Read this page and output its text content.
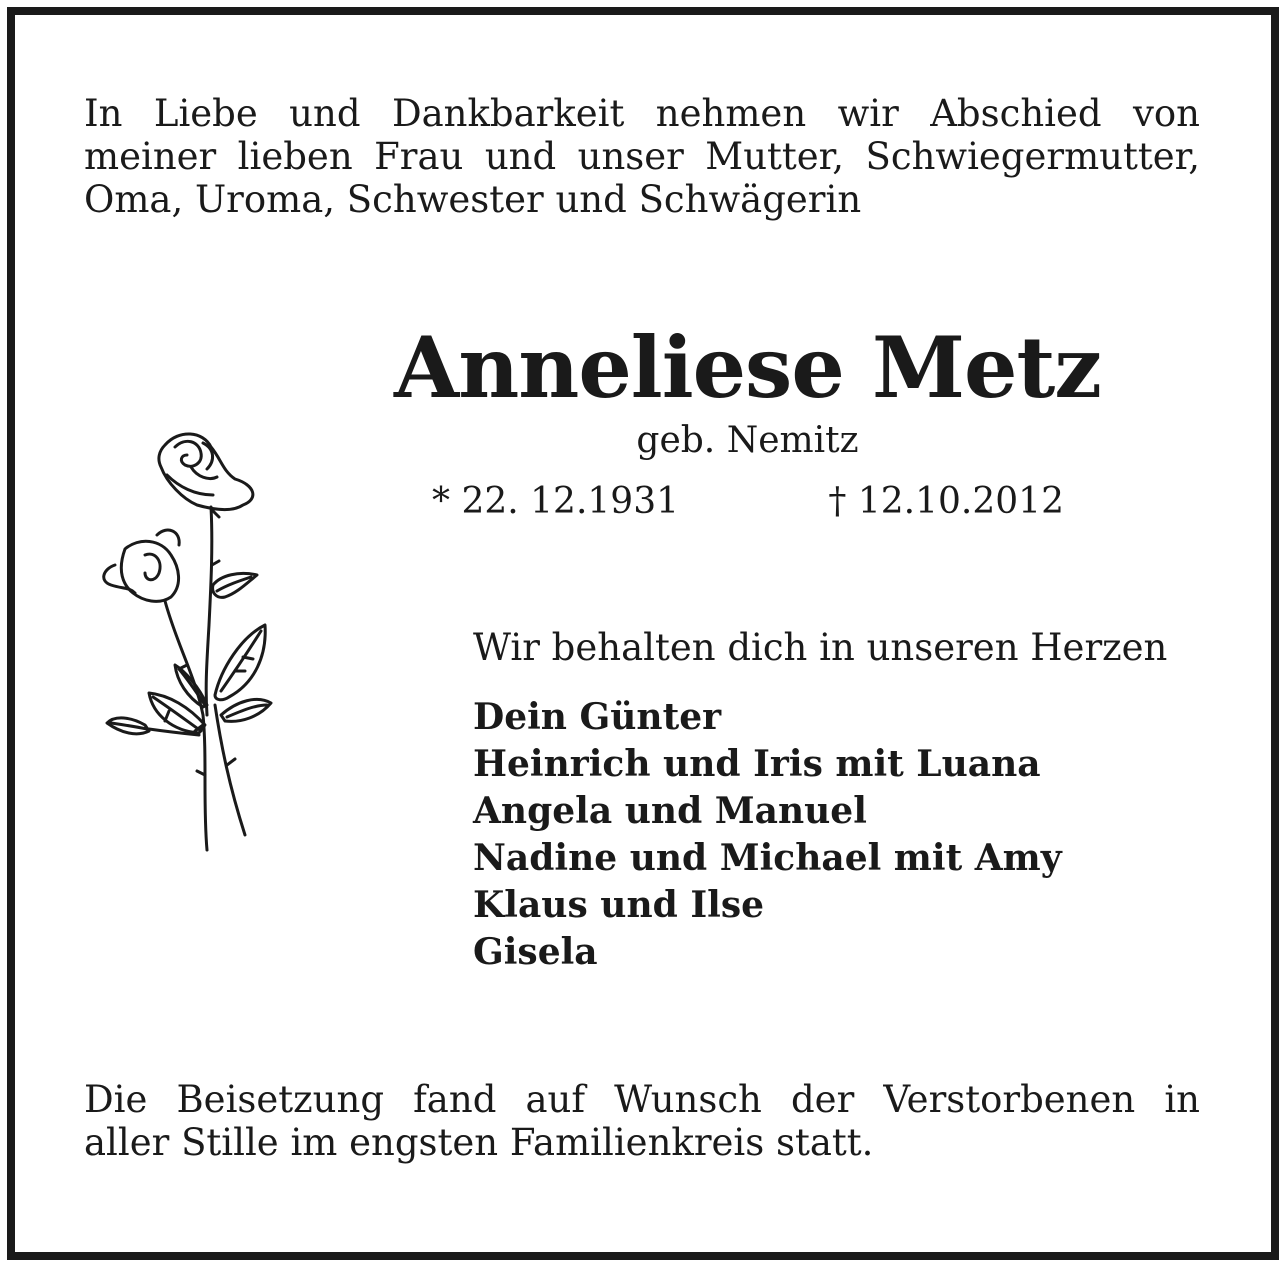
In Liebe und Dankbarkeit nehmen wir Abschied von
meiner lieben Frau und unser Mutter, Schwiegermutter,
Oma, Uroma, Schwester und Schwägerin

Anneliese Metz
geb. Nemitz
* 22. 12.1931	† 12.10.2012
Wir behalten dich in unseren Herzen
Dein Günter
Heinrich und Iris mit Luana
Angela und Manuel
Nadine und Michael mit Amy
Klaus und Ilse
Gisela

Die Beisetzung fand auf Wunsch der Verstorbenen in
aller Stille im engsten Familienkreis statt.
